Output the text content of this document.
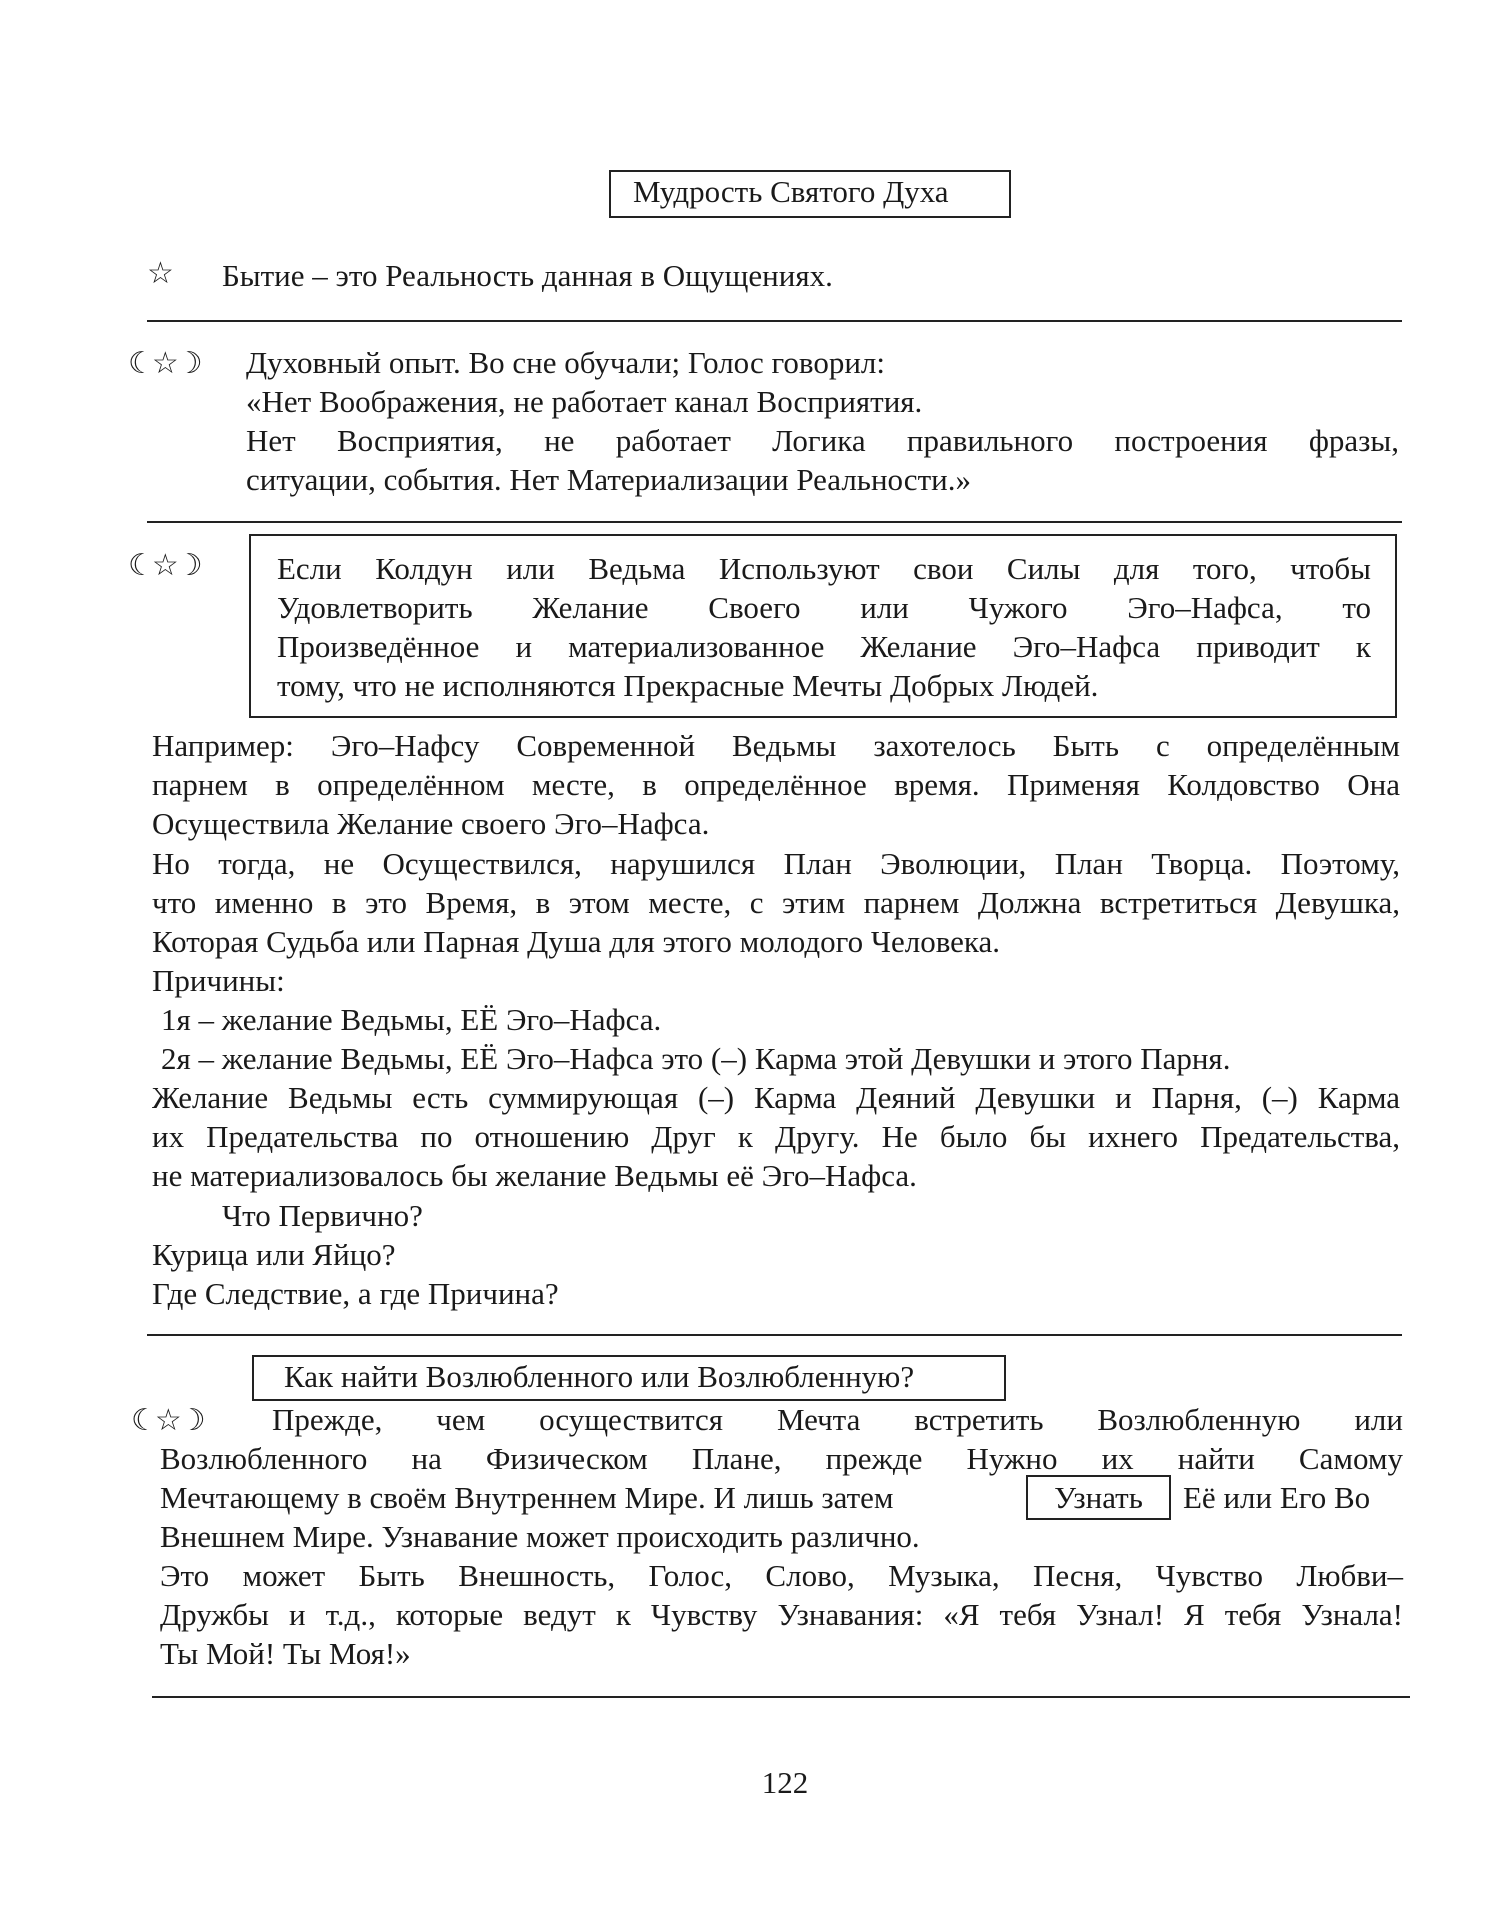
Мудрость Святого Духа
☆ Бытие – это Реальность данная в Ощущениях.

☾☆☽ Духовный опыт. Во сне обучали; Голос говорил:

«Нет Воображения, не работает канал Восприятия.

Нет Восприятия, не работает Логика правильного построения фразы,

ситуации, события. Нет Материализации Реальности.»

☾☆☽ Если Колдун или Ведьма Используют свои Силы для того, чтобы

Удовлетворить Желание Своего или Чужого Эго–Нафса, то

Произведённое и материализованное Желание Эго–Нафса приводит к

тому, что не исполняются Прекрасные Мечты Добрых Людей.

Например: Эго–Нафсу Современной Ведьмы захотелось Быть с определённым

парнем в определённом месте, в определённое время. Применяя Колдовство Она

Осуществила Желание своего Эго–Нафса.

Но тогда, не Осуществился, нарушился План Эволюции, План Творца. Поэтому,

что именно в это Время, в этом месте, с этим парнем Должна встретиться Девушка,

Которая Судьба или Парная Душа для этого молодого Человека.

Причины:

1я – желание Ведьмы, ЕЁ Эго–Нафса.

2я – желание Ведьмы, ЕЁ Эго–Нафса это (–) Карма этой Девушки и этого Парня.

Желание Ведьмы есть суммирующая (–) Карма Деяний Девушки и Парня, (–) Карма

их Предательства по отношению Друг к Другу. Не было бы ихнего Предательства,

не материализовалось бы желание Ведьмы её Эго–Нафса.

Что Первично?

Курица или Яйцо?

Где Следствие, а где Причина?

Как найти Возлюбленного или Возлюбленную?
☾☆☽ Прежде, чем осуществится Мечта встретить Возлюбленную или

Возлюбленного на Физическом Плане, прежде Нужно их найти Самому

Мечтающему в своём Внутреннем Мире. И лишь затем	Узнать	Её или Его Во

Внешнем Мире. Узнавание может происходить различно.

Это может Быть Внешность, Голос, Слово, Музыка, Песня, Чувство Любви–

Дружбы и т.д., которые ведут к Чувству Узнавания: «Я тебя Узнал! Я тебя Узнала!

Ты Мой! Ты Моя!»

122
